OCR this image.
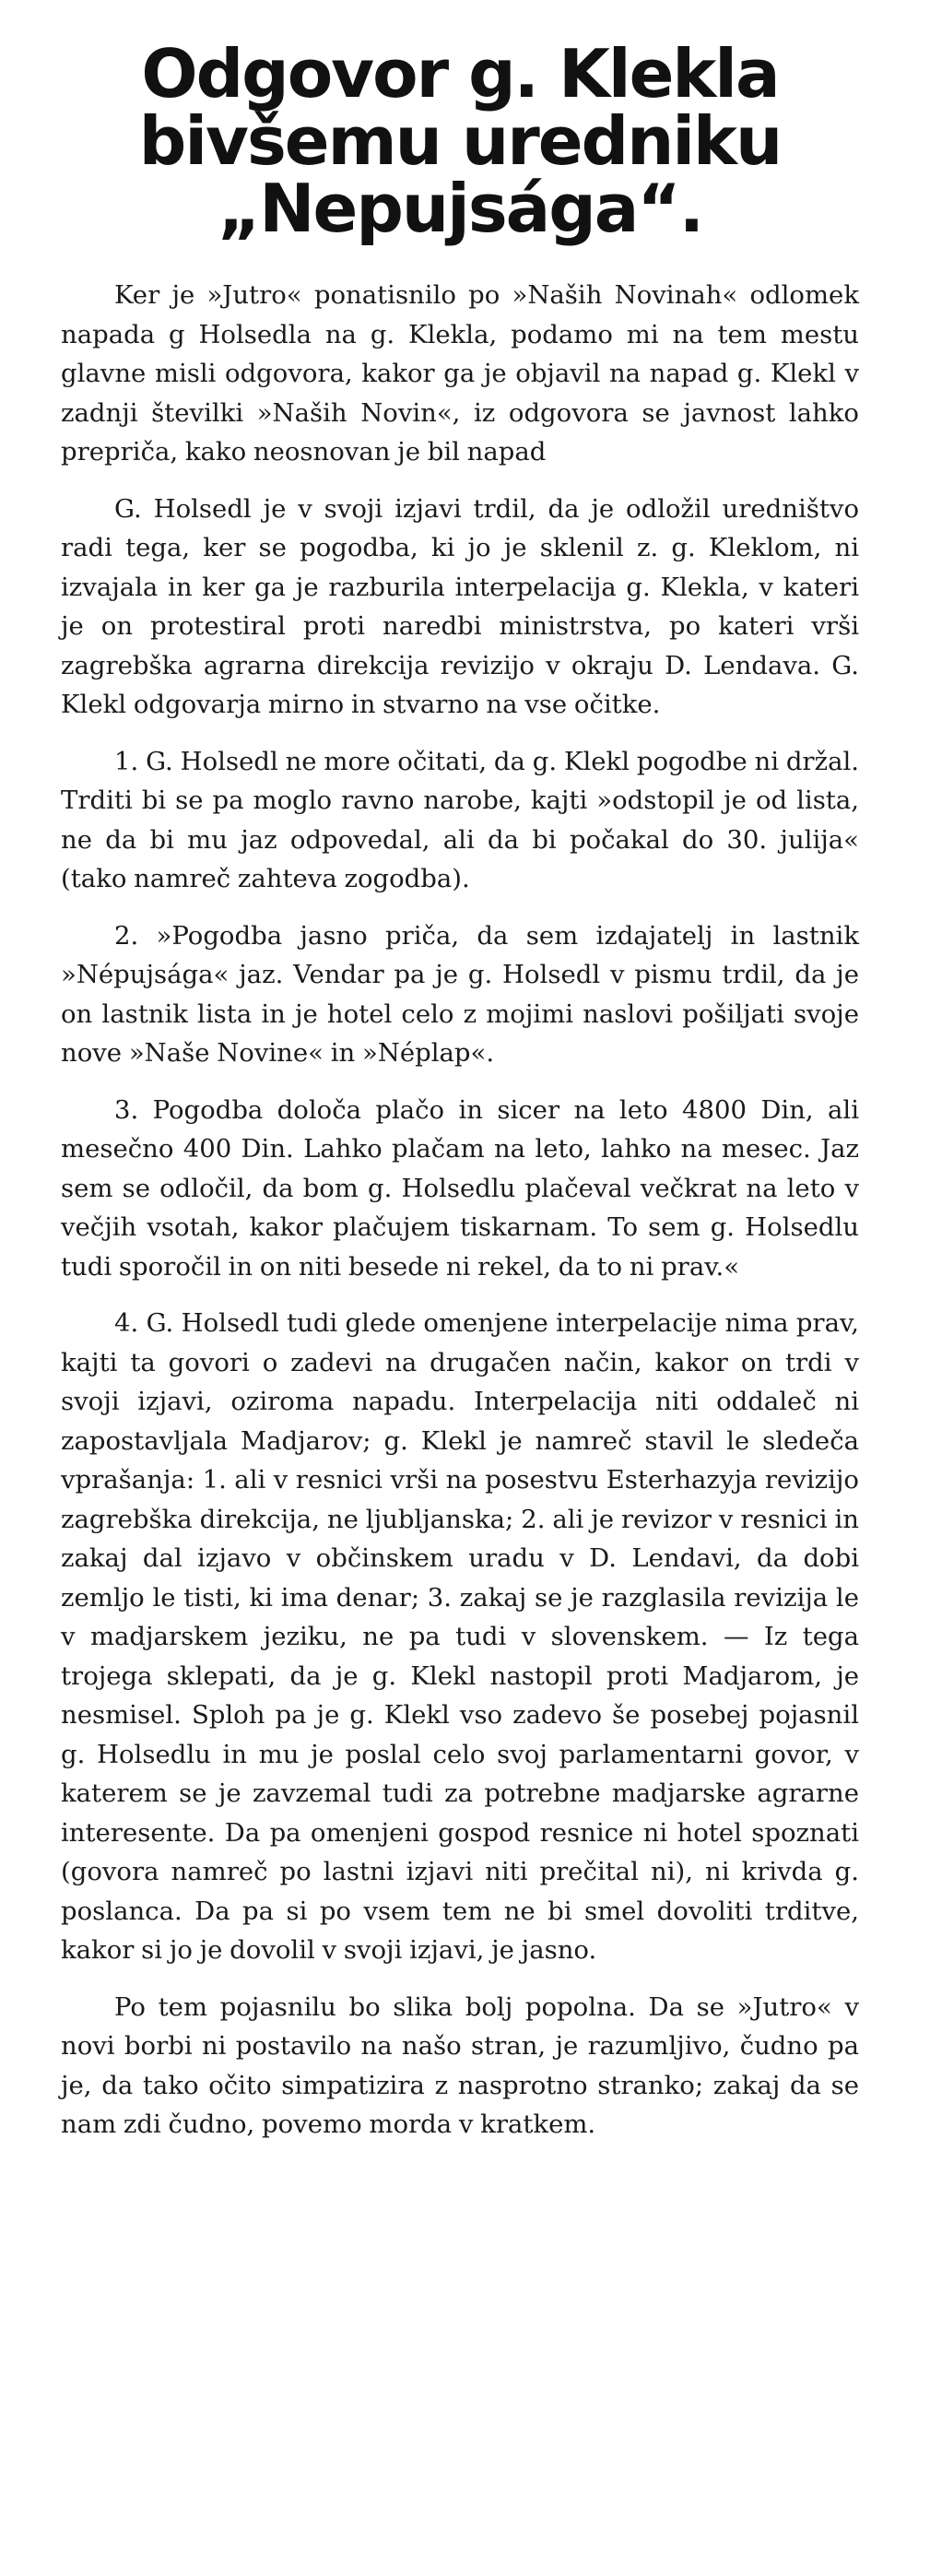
Odgovor g. Klekla
bivšemu uredniku
„Nepujsága“.

Ker je »Jutro« ponatisnilo po »Naših Novinah« odlomek napada g Holsedla na g. Klekla, podamo mi na tem mestu glavne misli odgovora, kakor ga je objavil na napad g. Klekl v zadnji številki »Naših Novin«, iz odgovora se javnost lahko prepriča, kako neosnovan je bil napad

G. Holsedl je v svoji izjavi trdil, da je odložil uredništvo radi tega, ker se pogodba, ki jo je sklenil z. g. Kleklom, ni izvajala in ker ga je razburila interpelacija g. Klekla, v kateri je on protestiral proti naredbi ministrstva, po kateri vrši zagrebška agrarna direkcija revizijo v okraju D. Lendava. G. Klekl odgovarja mirno in stvarno na vse očitke.

1. G. Holsedl ne more očitati, da g. Klekl pogodbe ni držal. Trditi bi se pa moglo ravno narobe, kajti »odstopil je od lista, ne da bi mu jaz odpovedal, ali da bi počakal do 30. julija« (tako namreč zahteva zogodba).

2. »Pogodba jasno priča, da sem izdajatelj in lastnik »Népujsága« jaz. Vendar pa je g. Holsedl v pismu trdil, da je on lastnik lista in je hotel celo z mojimi naslovi pošiljati svoje nove »Naše Novine« in »Néplap«.

3. Pogodba določa plačo in sicer na leto 4800 Din, ali mesečno 400 Din. Lahko plačam na leto, lahko na mesec. Jaz sem se odločil, da bom g. Holsedlu plačeval večkrat na leto v večjih vsotah, kakor plačujem tiskarnam. To sem g. Holsedlu tudi sporočil in on niti besede ni rekel, da to ni prav.«

4. G. Holsedl tudi glede omenjene interpelacije nima prav, kajti ta govori o zadevi na drugačen način, kakor on trdi v svoji izjavi, oziroma napadu. Interpelacija niti oddaleč ni zapostavljala Madjarov; g. Klekl je namreč stavil le sledeča vprašanja: 1. ali v resnici vrši na posestvu Esterhazyja revizijo zagrebška direkcija, ne ljubljanska; 2. ali je revizor v resnici in zakaj dal izjavo v občinskem uradu v D. Lendavi, da dobi zemljo le tisti, ki ima denar; 3. zakaj se je razglasila revizija le v madjarskem jeziku, ne pa tudi v slovenskem. — Iz tega trojega sklepati, da je g. Klekl nastopil proti Madjarom, je nesmisel. Sploh pa je g. Klekl vso zadevo še posebej pojasnil g. Holsedlu in mu je poslal celo svoj parlamentarni govor, v katerem se je zavzemal tudi za potrebne madjarske agrarne interesente. Da pa omenjeni gospod resnice ni hotel spoznati (govora namreč po lastni izjavi niti prečital ni), ni krivda g. poslanca. Da pa si po vsem tem ne bi smel dovoliti trditve, kakor si jo je dovolil v svoji izjavi, je jasno.

Po tem pojasnilu bo slika bolj popolna. Da se »Jutro« v novi borbi ni postavilo na našo stran, je razumljivo, čudno pa je, da tako očito simpatizira z nasprotno stranko; zakaj da se nam zdi čudno, povemo morda v kratkem.
